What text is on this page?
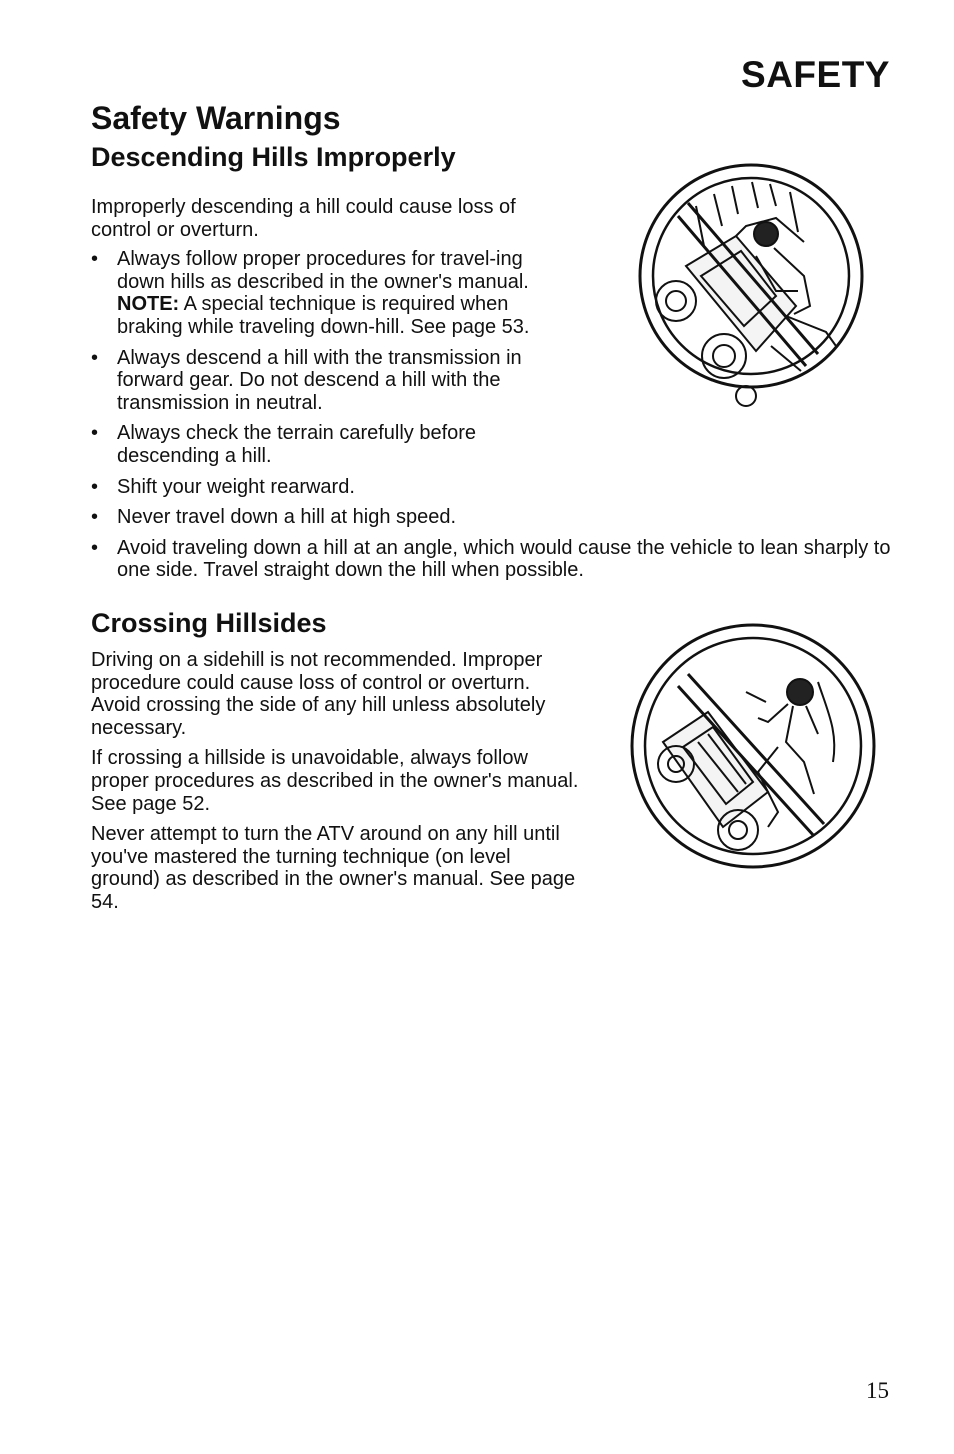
SAFETY
Safety Warnings
Descending Hills Improperly

Improperly descending a hill could cause loss of control or overturn.

• Always follow proper procedures for travel-ing down hills as described in the owner's manual. NOTE: A special technique is required when braking while traveling down-hill. See page 53.
• Always descend a hill with the transmission in forward gear. Do not descend a hill with the transmission in neutral.
• Always check the terrain carefully before descending a hill.
• Shift your weight rearward.
• Never travel down a hill at high speed.
• Avoid traveling down a hill at an angle, which would cause the vehicle to lean sharply to one side. Travel straight down the hill when possible.
Crossing Hillsides

Driving on a sidehill is not recommended. Improper procedure could cause loss of control or overturn. Avoid crossing the side of any hill unless absolutely necessary.

If crossing a hillside is unavoidable, always follow proper procedures as described in the owner's manual. See page 52.

Never attempt to turn the ATV around on any hill until you've mastered the turning technique (on level ground) as described in the owner's manual. See page 54.

15
